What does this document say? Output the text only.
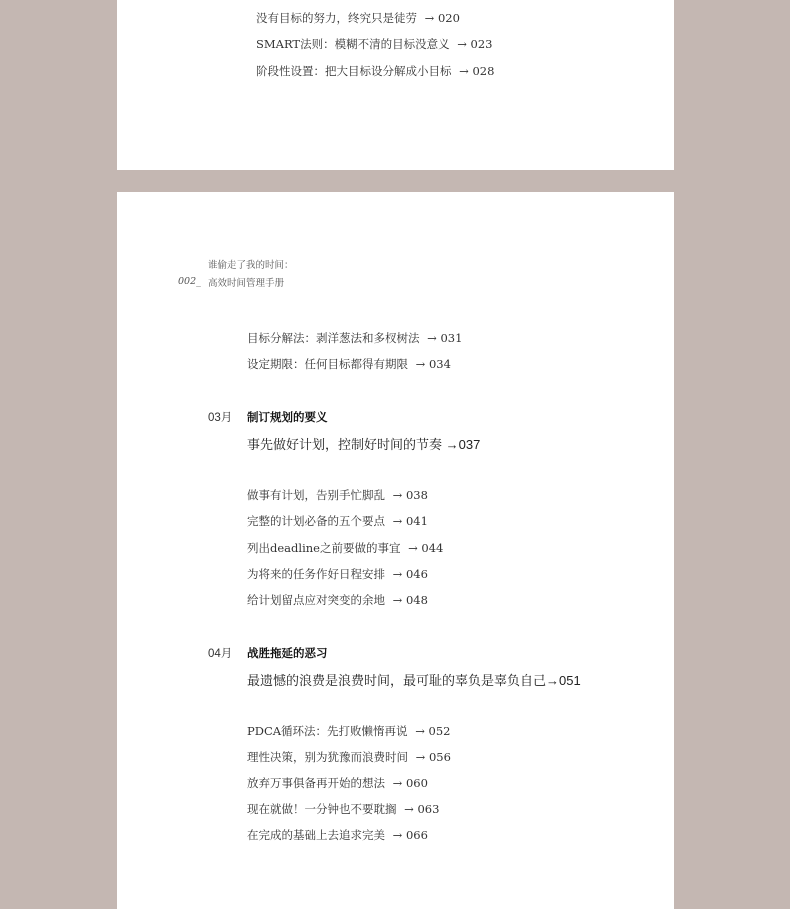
没有目标的努力，终究只是徒劳 → 020
SMART法则：模糊不清的目标没意义 → 023
阶段性设置：把大目标设分解成小目标 → 028
谁偷走了我的时间：
002_ 高效时间管理手册
目标分解法：剥洋葱法和多杈树法 → 031
设定期限：任何目标都得有期限 → 034
03月 制订规划的要义
事先做好计划，控制好时间的节奏 →037
做事有计划，告别手忙脚乱 → 038
完整的计划必备的五个要点 → 041
列出deadline之前要做的事宜 → 044
为将来的任务作好日程安排 → 046
给计划留点应对突变的余地 → 048
04月 战胜拖延的恶习
最遗憾的浪费是浪费时间，最可耻的辜负是辜负自己→051
PDCA循环法：先打败懒惰再说 → 052
理性决策，别为犹豫而浪费时间 → 056
放弃万事俱备再开始的想法 → 060
现在就做！一分钟也不要耽搁 → 063
在完成的基础上去追求完美 → 066
